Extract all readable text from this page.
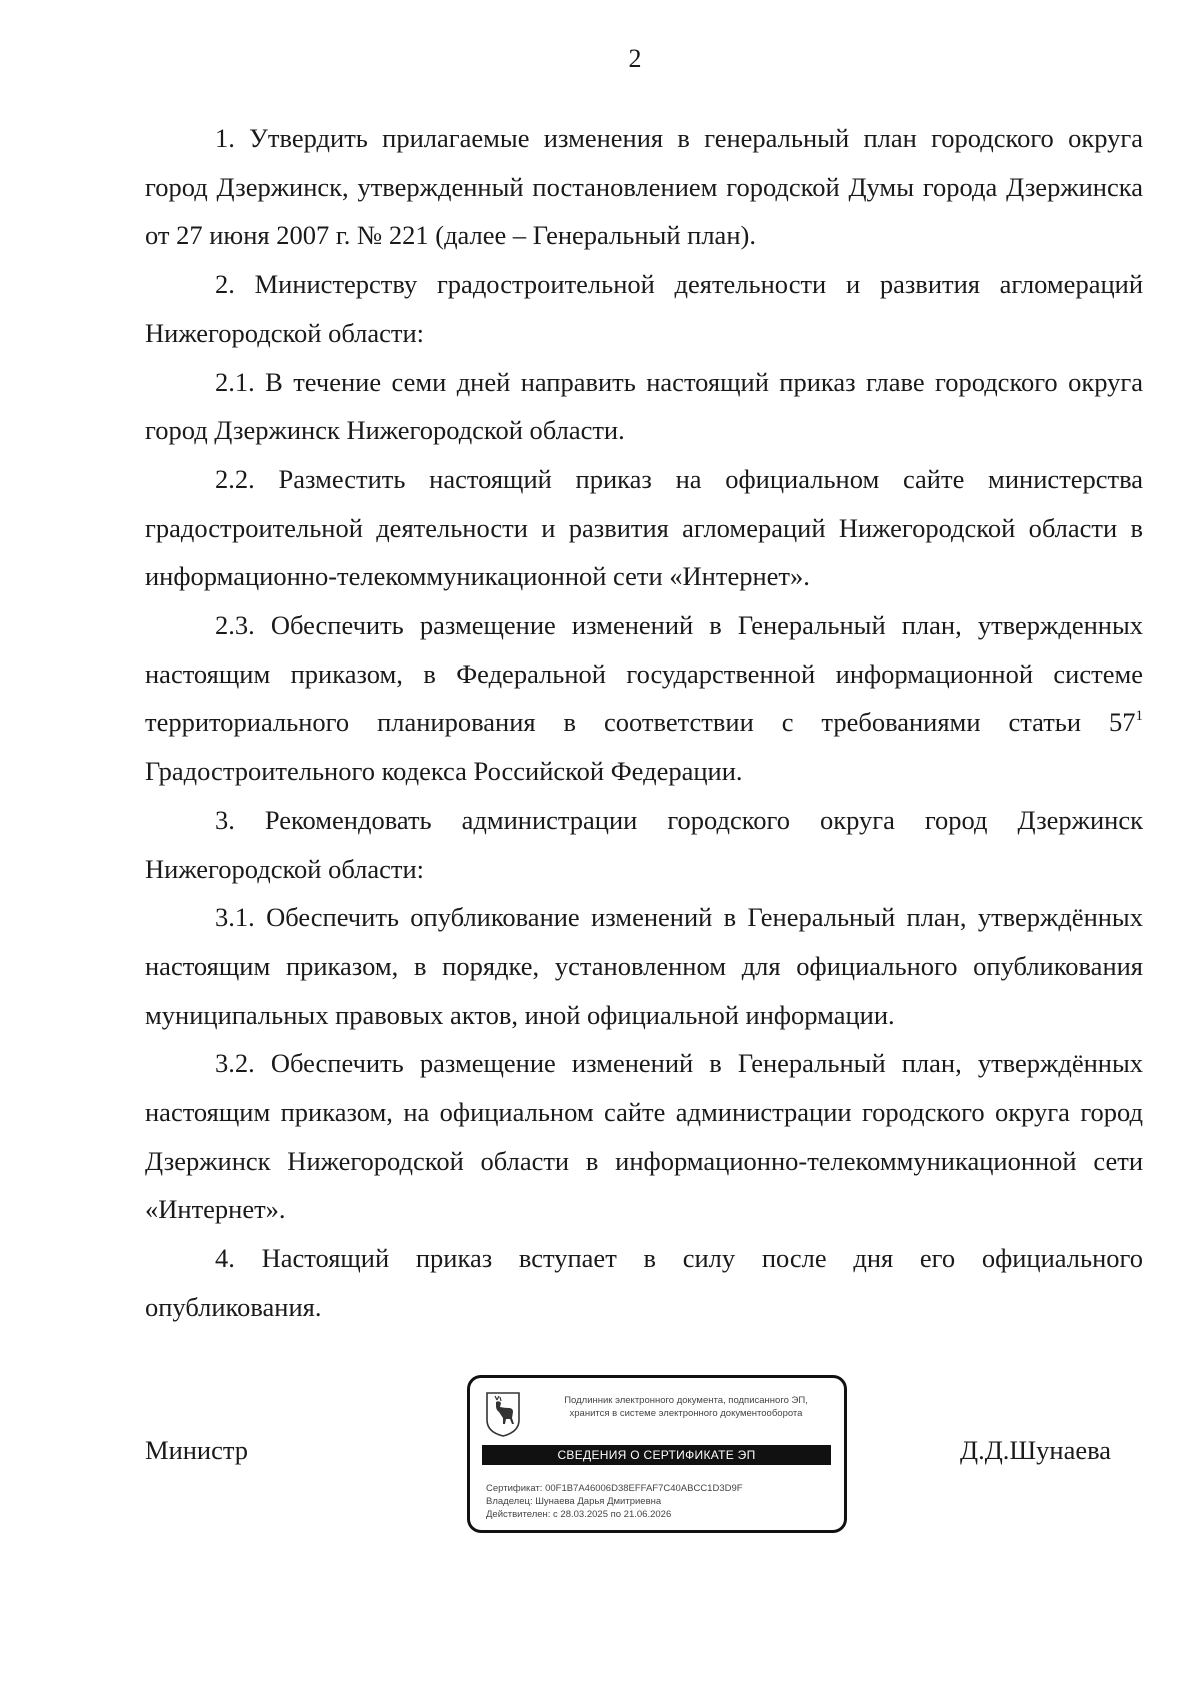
2

1. Утвердить прилагаемые изменения в генеральный план городского округа город Дзержинск, утвержденный постановлением городской Думы города Дзержинска от 27 июня 2007 г. № 221 (далее – Генеральный план).

2. Министерству градостроительной деятельности и развития агломераций Нижегородской области:

2.1. В течение семи дней направить настоящий приказ главе городского округа город Дзержинск Нижегородской области.

2.2. Разместить настоящий приказ на официальном сайте министерства градостроительной деятельности и развития агломераций Нижегородской области в информационно-телекоммуникационной сети «Интернет».

2.3. Обеспечить размещение изменений в Генеральный план, утвержденных настоящим приказом, в Федеральной государственной информационной системе территориального планирования в соответствии с требованиями статьи $57^1$ Градостроительного кодекса Российской Федерации.

3. Рекомендовать администрации городского округа город Дзержинск Нижегородской области:

3.1. Обеспечить опубликование изменений в Генеральный план, утверждённых настоящим приказом, в порядке, установленном для официального опубликования муниципальных правовых актов, иной официальной информации.

3.2. Обеспечить размещение изменений в Генеральный план, утверждённых настоящим приказом, на официальном сайте администрации городского округа город Дзержинск Нижегородской области в информационно-телекоммуникационной сети «Интернет».

4. Настоящий приказ вступает в силу после дня его официального опубликования.

Министр	Д.Д.Шунаева
Подлинник электронного документа, подписанного ЭП,
хранится в системе электронного документооборота
СВЕДЕНИЯ О СЕРТИФИКАТЕ ЭП
Сертификат: 00F1B7A46006D38EFFAF7C40ABCC1D3D9F
Владелец: Шунаева Дарья Дмитриевна
Действителен: с 28.03.2025 по 21.06.2026
